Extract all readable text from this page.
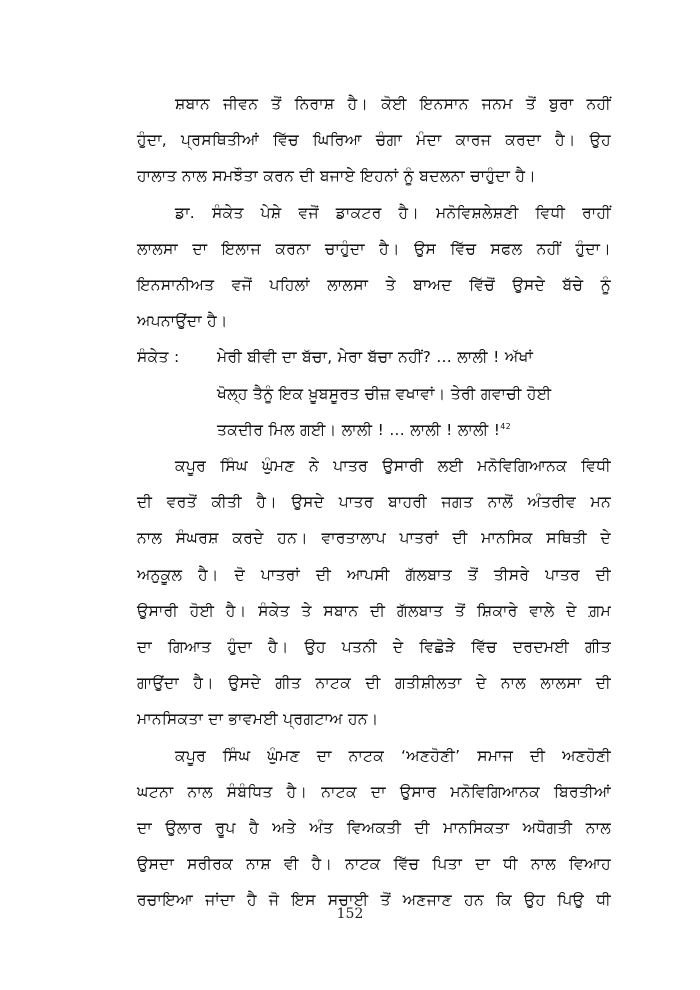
ਸ਼ਬਾਨ ਜੀਵਨ ਤੋਂ ਨਿਰਾਸ਼ ਹੈ। ਕੋਈ ਇਨਸਾਨ ਜਨਮ ਤੋਂ ਬੁਰਾ ਨਹੀਂ
ਹੁੰਦਾ, ਪ੍ਰਸਥਿਤੀਆਂ ਵਿੱਚ ਘਿਰਿਆ ਚੰਗਾ ਮੰਦਾ ਕਾਰਜ ਕਰਦਾ ਹੈ। ਉਹ
ਹਾਲਾਤ ਨਾਲ ਸਮਝੌਤਾ ਕਰਨ ਦੀ ਬਜਾਏ ਇਹਨਾਂ ਨੂੰ ਬਦਲਨਾ ਚਾਹੁੰਦਾ ਹੈ।

ਡਾ. ਸੰਕੇਤ ਪੇਸ਼ੇ ਵਜੋਂ ਡਾਕਟਰ ਹੈ। ਮਨੋਵਿਸ਼ਲੇਸ਼ਣੀ ਵਿਧੀ ਰਾਹੀਂ
ਲਾਲਸਾ ਦਾ ਇਲਾਜ ਕਰਨਾ ਚਾਹੁੰਦਾ ਹੈ। ਉਸ ਵਿੱਚ ਸਫਲ ਨਹੀਂ ਹੁੰਦਾ।
ਇਨਸਾਨੀਅਤ ਵਜੋਂ ਪਹਿਲਾਂ ਲਾਲਸਾ ਤੇ ਬਾਅਦ ਵਿੱਚੋਂ ਉਸਦੇ ਬੱਚੇ ਨੂੰ
ਅਪਨਾਉਂਦਾ ਹੈ।

ਸੰਕੇਤ : ਮੇਰੀ ਬੀਵੀ ਦਾ ਬੱਚਾ, ਮੇਰਾ ਬੱਚਾ ਨਹੀਂ? ... ਲਾਲੀ ! ਅੱਖਾਂ
ਖੋਲ੍ਹ ਤੈਨੂੰ ਇਕ ਖ਼ੂਬਸੂਰਤ ਚੀਜ਼ ਵਖਾਵਾਂ। ਤੇਰੀ ਗਵਾਚੀ ਹੋਈ
ਤਕਦੀਰ ਮਿਲ ਗਈ। ਲਾਲੀ ! ... ਲਾਲੀ ! ਲਾਲੀ !$^{42}$

ਕਪੂਰ ਸਿੰਘ ਘੁੰਮਣ ਨੇ ਪਾਤਰ ਉਸਾਰੀ ਲਈ ਮਨੋਵਿਗਿਆਨਕ ਵਿਧੀ
ਦੀ ਵਰਤੋਂ ਕੀਤੀ ਹੈ। ਉਸਦੇ ਪਾਤਰ ਬਾਹਰੀ ਜਗਤ ਨਾਲੋਂ ਅੰਤਰੀਵ ਮਨ
ਨਾਲ ਸੰਘਰਸ਼ ਕਰਦੇ ਹਨ। ਵਾਰਤਾਲਾਪ ਪਾਤਰਾਂ ਦੀ ਮਾਨਸਿਕ ਸਥਿਤੀ ਦੇ
ਅਨੁਕੂਲ ਹੈ। ਦੋ ਪਾਤਰਾਂ ਦੀ ਆਪਸੀ ਗੱਲਬਾਤ ਤੋਂ ਤੀਸਰੇ ਪਾਤਰ ਦੀ
ਉਸਾਰੀ ਹੋਈ ਹੈ। ਸੰਕੇਤ ਤੇ ਸਬਾਨ ਦੀ ਗੱਲਬਾਤ ਤੋਂ ਸ਼ਿਕਾਰੇ ਵਾਲੇ ਦੇ ਗ਼ਮ
ਦਾ ਗਿਆਤ ਹੁੰਦਾ ਹੈ। ਉਹ ਪਤਨੀ ਦੇ ਵਿਛੋੜੇ ਵਿੱਚ ਦਰਦਮਈ ਗੀਤ
ਗਾਉਂਦਾ ਹੈ। ਉਸਦੇ ਗੀਤ ਨਾਟਕ ਦੀ ਗਤੀਸ਼ੀਲਤਾ ਦੇ ਨਾਲ ਲਾਲਸਾ ਦੀ
ਮਾਨਸਿਕਤਾ ਦਾ ਭਾਵਮਈ ਪ੍ਰਗਟਾਅ ਹਨ।

ਕਪੂਰ ਸਿੰਘ ਘੁੰਮਣ ਦਾ ਨਾਟਕ ‘ਅਣਹੋਣੀ’ ਸਮਾਜ ਦੀ ਅਣਹੋਣੀ
ਘਟਨਾ ਨਾਲ ਸੰਬੰਧਿਤ ਹੈ। ਨਾਟਕ ਦਾ ਉਸਾਰ ਮਨੋਵਿਗਿਆਨਕ ਬਿਰਤੀਆਂ
ਦਾ ਉਲਾਰ ਰੂਪ ਹੈ ਅਤੇ ਅੰਤ ਵਿਅਕਤੀ ਦੀ ਮਾਨਸਿਕਤਾ ਅਧੋਗਤੀ ਨਾਲ
ਉਸਦਾ ਸਰੀਰਕ ਨਾਸ਼ ਵੀ ਹੈ। ਨਾਟਕ ਵਿੱਚ ਪਿਤਾ ਦਾ ਧੀ ਨਾਲ ਵਿਆਹ
ਰਚਾਇਆ ਜਾਂਦਾ ਹੈ ਜੋ ਇਸ ਸਚਾਈ ਤੋਂ ਅਣਜਾਣ ਹਨ ਕਿ ਉਹ ਪਿਉ ਧੀ

152
